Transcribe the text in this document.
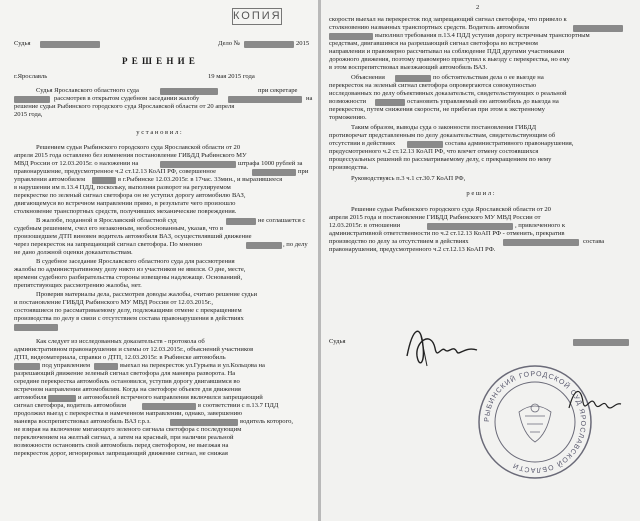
КОПИЯ
Судья	Дело №	2015
Р Е Ш Е Н И Е
г.Ярославль	19 мая 2015 года
Судья Ярославского областного суда	при секретаре
рассмотрев в открытом судебном заседании жалобу	на
решение судьи Рыбинского городского суда Ярославской области от 20 апреля
2015 года,
у с т а н о в и л :
Решением судьи Рыбинского городского суда Ярославской области от 20
апреля 2015 года оставлено без изменения постановление ГИБДД Рыбинского МУ
МВД России от 12.03.2015г. о наложении на	штрафа 1000 рублей за
правонарушение, предусмотренное ч.2 ст.12.13 КоАП РФ, совершенное	при
управлении автомобилем	в г.Рыбинске 12.03.2015г. в 17час. 33мин., и выразившееся
в нарушении им п.13.4 ПДД, поскольку, выполняя разворот на регулируемом
перекрестке по зеленый сигнал светофора он не уступил дорогу автомобилю ВАЗ,
двигающемуся во встречном направлении прямо, в результате чего произошло
столкновение транспортных средств, получивших механические повреждения.
В жалобе, поданной в Ярославский областной суд	не соглашается с
судебным решением, счел его незаконным, необоснованным, указав, что в
произошедшем ДТП виновен водитель автомобиля ВАЗ, осуществлявший движение
через перекресток на запрещающий сигнал светофора. По мнению	, по делу
не дано должной оценки доказательствам.
В судебное заседание Ярославского областного суда для рассмотрения
жалобы по административному делу никто из участников не явился. О дне, месте,
времени судебного разбирательства стороны извещены надлежаще. Основаниий,
препятствующих рассмотрению жалобы, нет.
Проверив материалы дела, рассмотрев доводы жалобы, считаю решение судьи
и постановление ГИБДД Рыбинского МУ МВД России от 12.03.2015г.,
состоявшиеся по рассматриваемому делу, подлежащими отмене с прекращением
производства по делу в связи с отсутствием состава правонарушения в действиях
Как следует из исследованных доказательств - протокола об
административном правонарушении и схемы от 12.03.2015г., объяснений участников
ДТП, видеоматериала, справки о ДТП, 12.03.2015г. в Рыбинске автомобиль
под управлением	выехал на перекресток ул.Гурьева и ул.Кольцова на
разрешающий движение зеленый сигнал светофора для маневра разворота. На
середине перекрестка автомобиль остановился, уступив дорогу двигавшимся во
встречном направлении автомобилям. Когда на светофоре объекте для движения
автомобиля	и автомобилей встречного направления включился запрещающий
сигнал светофора, водитель автомобиля	в соответствии с п.13.7 ПДД
продолжил выезд с перекрестка в намеченном направлении, однако, завершению
маневра воспрепятствовал автомобиль ВАЗ г.р.з.	водитель которого,
не взирая на включение мигающего зеленого сигнала светофора с последующим
переключением на желтый сигнал, а затем на красный, при наличии реальной
возможности остановить свой автомобиль перед светофором, не выезжая на
перекресток дорог, игнорировал запрещающий движение сигнал, не снижая
2
скорости выехал на перекресток под запрещающий сигнал светофора, что привело к
столкновению названных транспортных средств. Водитель автомобиля
выполнил требования п.13.4 ПДД уступив дорогу встречным транспортным
средствам, двигавшимся на разрешающий сигнал светофора во встречном
направлении и правомерно рассчитывал на соблюдение ПДД другими участниками
дорожного движения, поэтому правомерно приступил к выезду с перекрестка, но ему
в этом воспрепятствовал выезжающий автомобиль ВАЗ.
Объяснения	по обстоятельствам дела о ее выезде на
перекресток на зеленый сигнал светофора опровергаются совокупностью
исследованных по делу объективных доказательств, свидетельствующих о реальной
возможности	остановить управляемый ею автомобиль до выезда на
перекресток, путем снижения скорости, не прибегая при этом к экстренному
торможению.
Таким образом, выводы суда о законности постановления ГИБДД
противоречат представленным по делу доказательствам, свидетельствующим об
отсутствии в действиях	состава административного правонарушения,
предусмотренного ч.2 ст.12.13 КоАП РФ, что влечет отмену состоявшихся
процессуальных решений по рассматриваемому делу, с прекращением по нему
производства.
Руководствуясь п.3 ч.1 ст.30.7 КоАП РФ,
р е ш и л :
Решение судьи Рыбинского городского суда Ярославской области от 20
апреля 2015 года и постановление ГИБДД Рыбинского МУ МВД России от
12.03.2015г. в отношении	, привлеченного к
административной ответственности по ч.2 ст.12.13 КоАП РФ - отменить, прекратив
производство по делу за отсутствием в действиях	состава
правонарушения, предусмотренного ч.2 ст.12.13 КоАП РФ.
Судья
РЫБИНСКИЙ ГОРОДСКОЙ СУД ЯРОСЛАВСКОЙ ОБЛАСТИ
